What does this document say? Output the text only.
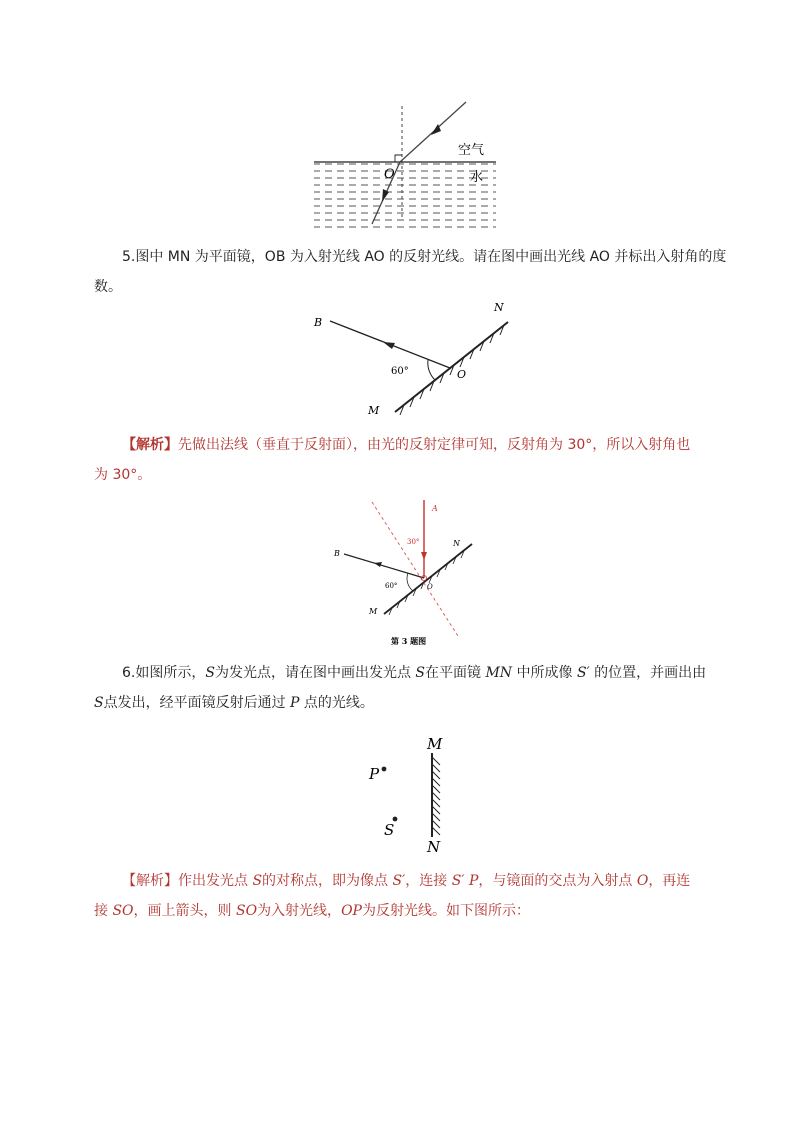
空气
水
O
5.图中 MN 为平面镜，OB 为入射光线 AO 的反射光线。请在图中画出光线 AO 并标出入射角的度
数。
B
N
M
O
60°
【解析】先做出法线（垂直于反射面），由光的反射定律可知，反射角为 30°，所以入射角也
为 30°。
A
30°
B
N
M
O
60°
第 3 题图
6.如图所示，S为发光点，请在图中画出发光点 S在平面镜 MN 中所成像 S′ 的位置，并画出由
S点发出，经平面镜反射后通过 P 点的光线。
M
N
P
S
【解析】作出发光点 S的对称点，即为像点 S′，连接 S′ P，与镜面的交点为入射点 O，再连
接 SO，画上箭头，则 SO为入射光线，OP为反射光线。如下图所示：
